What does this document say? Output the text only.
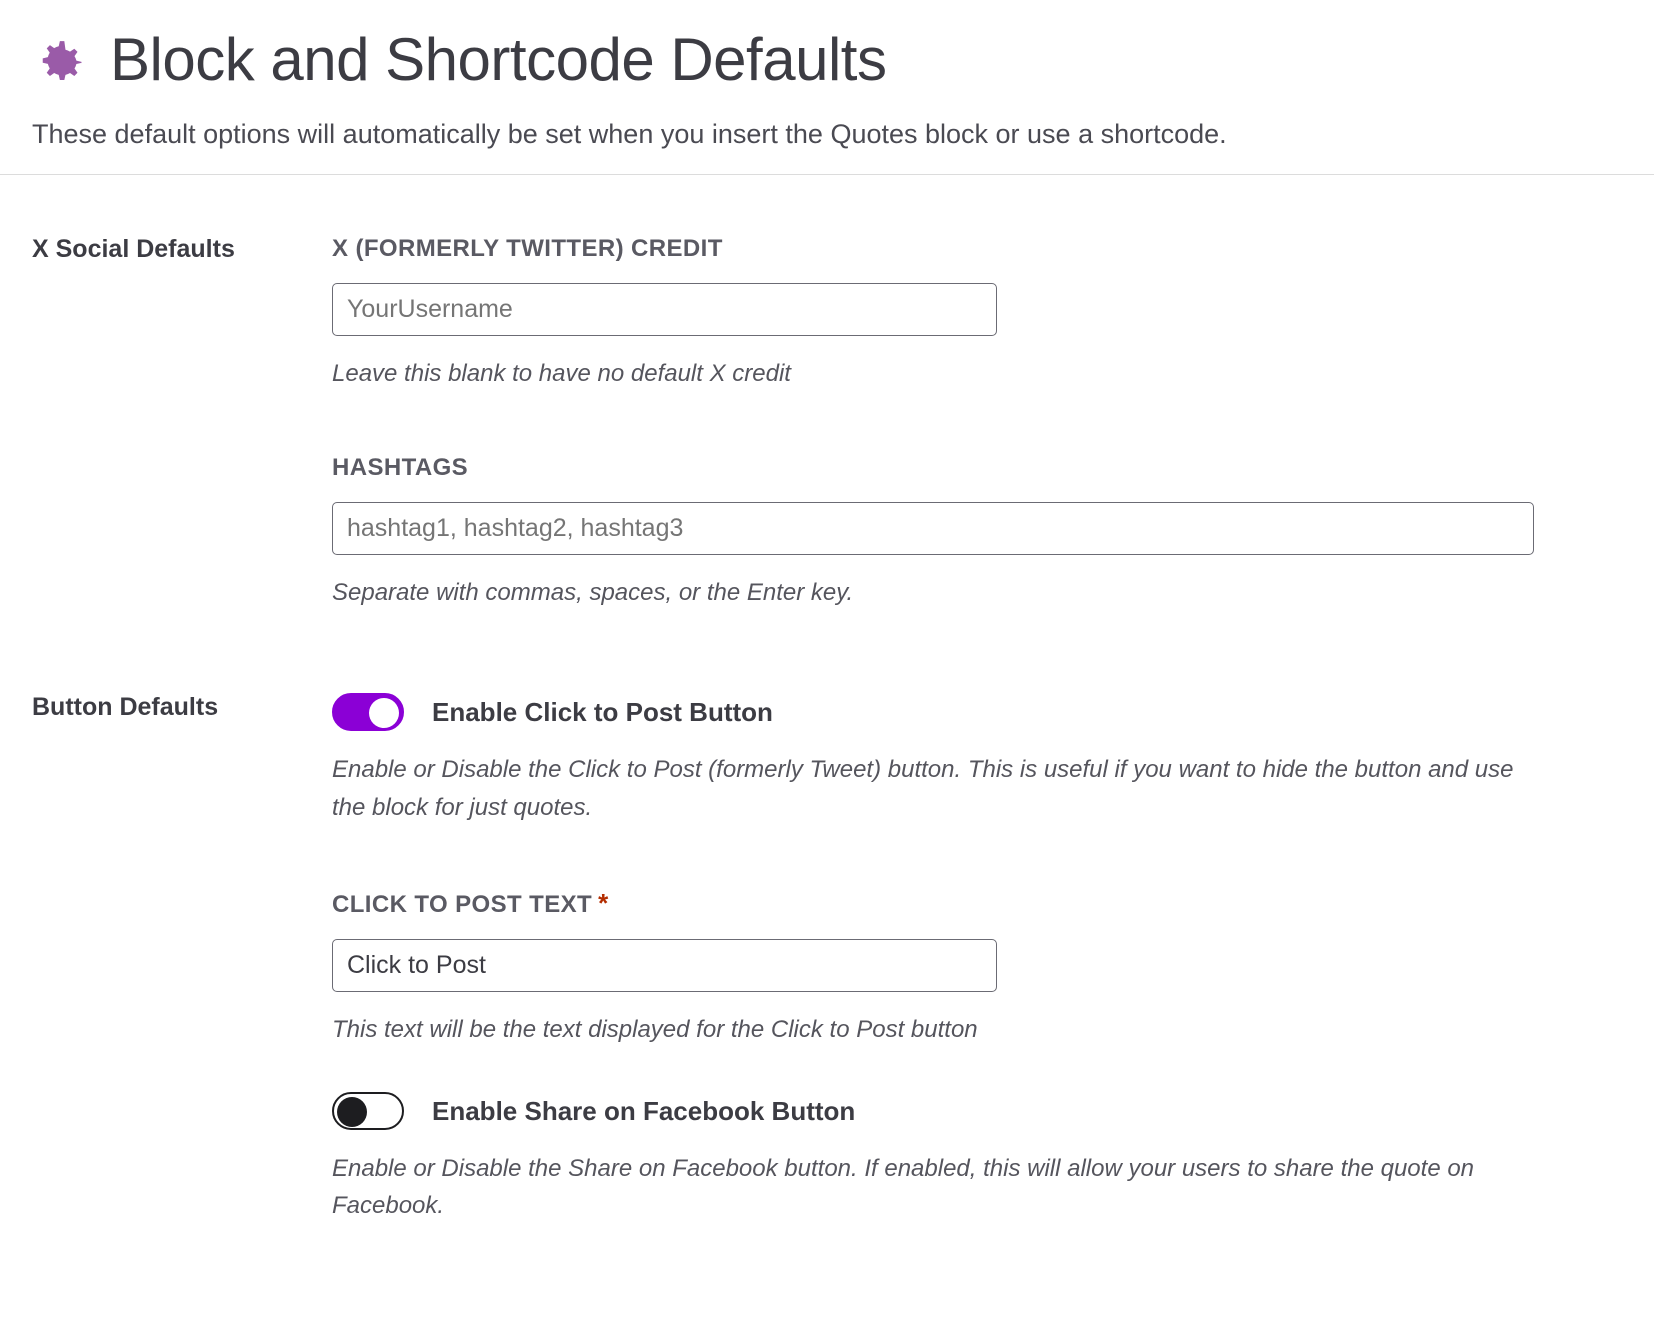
Block and Shortcode Defaults
These default options will automatically be set when you insert the Quotes block or use a shortcode.
X Social Defaults	X (FORMERLY TWITTER) CREDIT
YourUsername
Leave this blank to have no default X credit
HASHTAGS
hashtag1, hashtag2, hashtag3
Separate with commas, spaces, or the Enter key.
Button Defaults	Enable Click to Post Button
Enable or Disable the Click to Post (formerly Tweet) button. This is useful if you want to hide the button and use the block for just quotes.
CLICK TO POST TEXT *
Click to Post
This text will be the text displayed for the Click to Post button
Enable Share on Facebook Button
Enable or Disable the Share on Facebook button. If enabled, this will allow your users to share the quote on Facebook.
